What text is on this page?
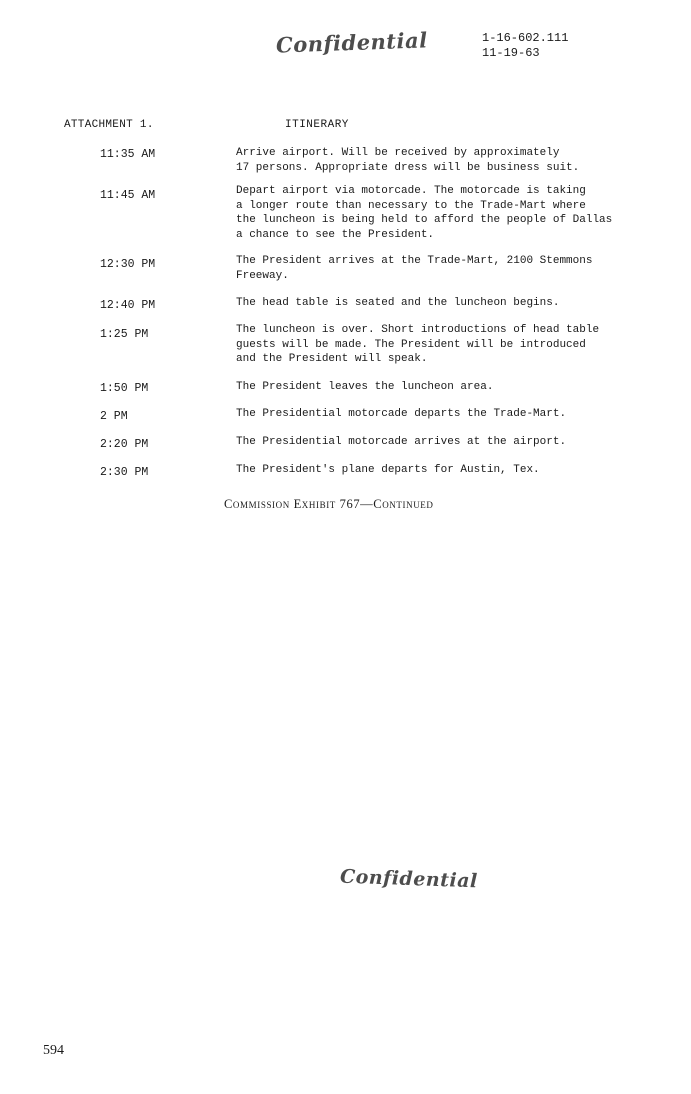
Confidential	1-16-602.111
11-19-63
ATTACHMENT 1.	ITINERARY
11:35 AM	Arrive airport. Will be received by approximately
17 persons. Appropriate dress will be business suit.
11:45 AM	Depart airport via motorcade. The motorcade is taking
a longer route than necessary to the Trade-Mart where
the luncheon is being held to afford the people of Dallas
a chance to see the President.
12:30 PM	The President arrives at the Trade-Mart, 2100 Stemmons
Freeway.
12:40 PM	The head table is seated and the luncheon begins.
1:25 PM	The luncheon is over. Short introductions of head table
guests will be made. The President will be introduced
and the President will speak.
1:50 PM	The President leaves the luncheon area.
2 PM	The Presidential motorcade departs the Trade-Mart.
2:20 PM	The Presidential motorcade arrives at the airport.
2:30 PM	The President's plane departs for Austin, Tex.
Commission Exhibit 767—Continued
Confidential
594
